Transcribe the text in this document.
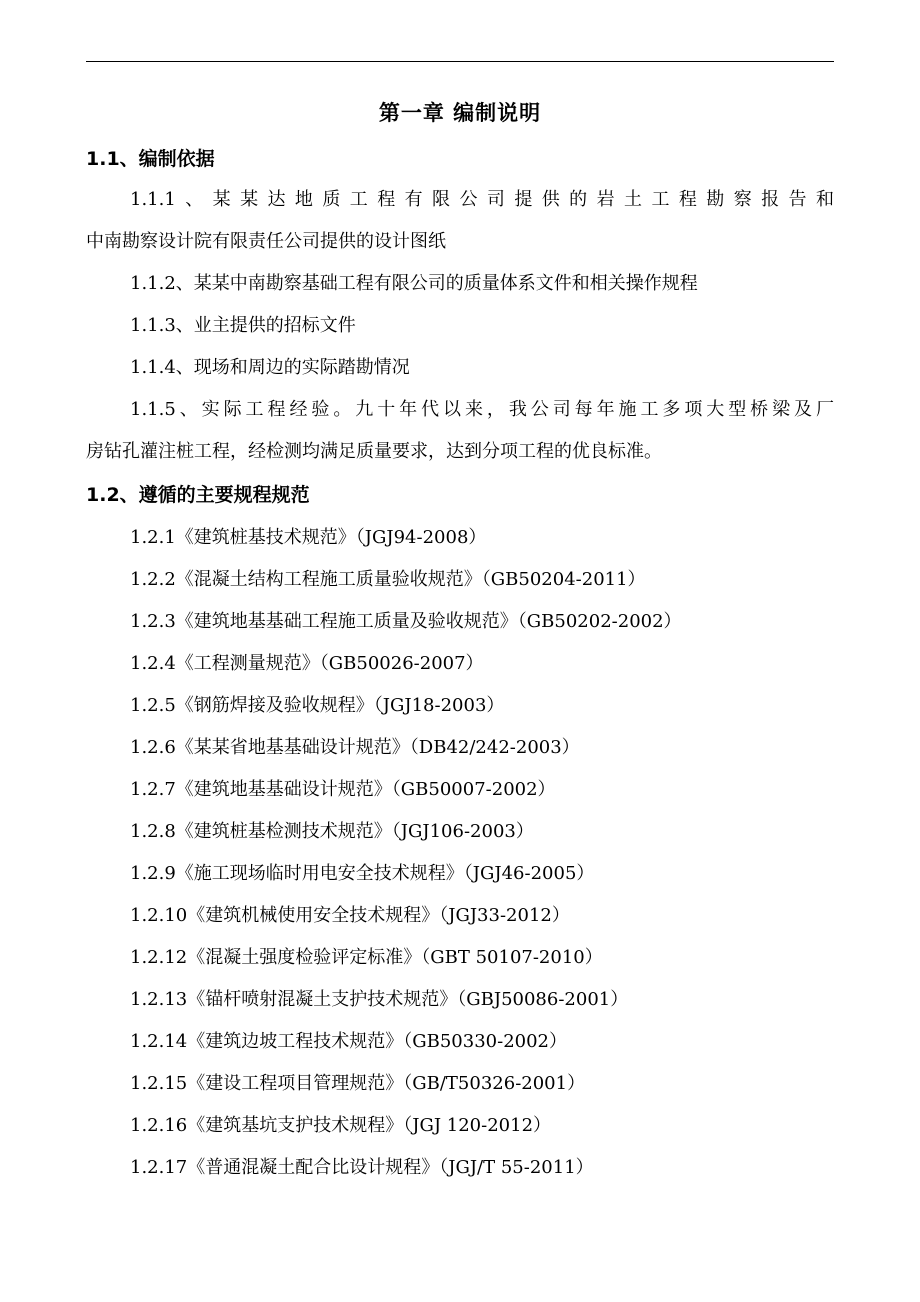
第一章 编制说明
1.1、编制依据
1.1.1、某某达地质工程有限公司提供的岩土工程勘察报告和
中南勘察设计院有限责任公司提供的设计图纸
1.1.2、某某中南勘察基础工程有限公司的质量体系文件和相关操作规程
1.1.3、业主提供的招标文件
1.1.4、现场和周边的实际踏勘情况
1.1.5、实际工程经验。九十年代以来，我公司每年施工多项大型桥梁及厂
房钻孔灌注桩工程，经检测均满足质量要求，达到分项工程的优良标准。
1.2、遵循的主要规程规范
1.2.1《建筑桩基技术规范》（JGJ94-2008）
1.2.2《混凝土结构工程施工质量验收规范》（GB50204-2011）
1.2.3《建筑地基基础工程施工质量及验收规范》（GB50202-2002）
1.2.4《工程测量规范》（GB50026-2007）
1.2.5《钢筋焊接及验收规程》（JGJ18-2003）
1.2.6《某某省地基基础设计规范》（DB42/242-2003）
1.2.7《建筑地基基础设计规范》（GB50007-2002）
1.2.8《建筑桩基检测技术规范》（JGJ106-2003）
1.2.9《施工现场临时用电安全技术规程》（JGJ46-2005）
1.2.10《建筑机械使用安全技术规程》（JGJ33-2012）
1.2.12《混凝土强度检验评定标准》（GBT 50107-2010）
1.2.13《锚杆喷射混凝土支护技术规范》（GBJ50086-2001）
1.2.14《建筑边坡工程技术规范》（GB50330-2002）
1.2.15《建设工程项目管理规范》（GB/T50326-2001）
1.2.16《建筑基坑支护技术规程》（JGJ 120-2012）
1.2.17《普通混凝土配合比设计规程》（JGJ/T 55-2011）
